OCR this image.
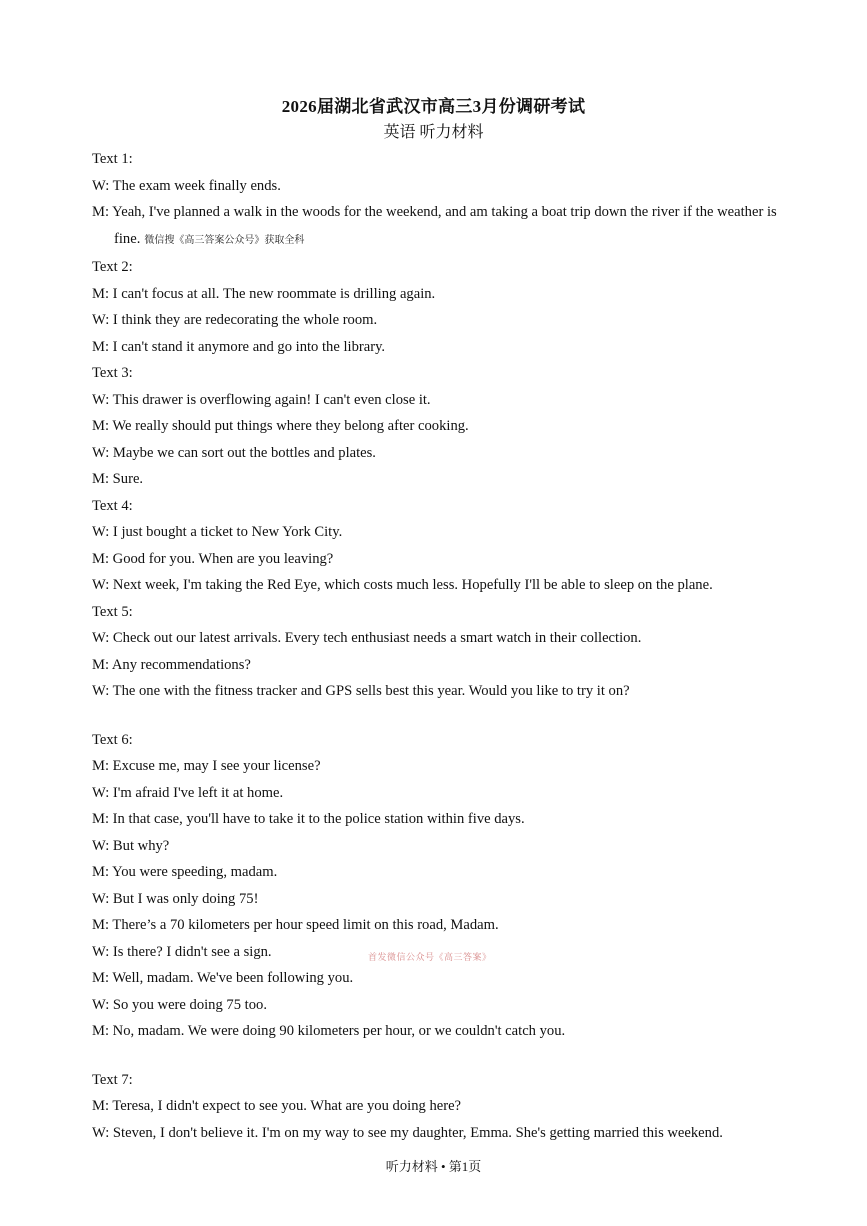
2026届湖北省武汉市高三3月份调研考试
英语 听力材料
Text 1:
W: The exam week finally ends.
M: Yeah, I've planned a walk in the woods for the weekend, and am taking a boat trip down the river if the weather is fine. 微信搜《高三答案公众号》获取全科
Text 2:
M: I can't focus at all. The new roommate is drilling again.
W: I think they are redecorating the whole room.
M: I can't stand it anymore and go into the library.
Text 3:
W: This drawer is overflowing again! I can't even close it.
M: We really should put things where they belong after cooking.
W: Maybe we can sort out the bottles and plates.
M: Sure.
Text 4:
W: I just bought a ticket to New York City.
M: Good for you. When are you leaving?
W: Next week, I'm taking the Red Eye, which costs much less. Hopefully I'll be able to sleep on the plane.
Text 5:
W: Check out our latest arrivals. Every tech enthusiast needs a smart watch in their collection.
M: Any recommendations?
W: The one with the fitness tracker and GPS sells best this year. Would you like to try it on?
Text 6:
M: Excuse me, may I see your license?
W: I'm afraid I've left it at home.
M: In that case, you'll have to take it to the police station within five days.
W: But why?
M: You were speeding, madam.
W: But I was only doing 75!
M: There’s a 70 kilometers per hour speed limit on this road, Madam.
W: Is there? I didn't see a sign.
M: Well, madam. We've been following you.
W: So you were doing 75 too.
M: No, madam. We were doing 90 kilometers per hour, or we couldn't catch you.
Text 7:
M: Teresa, I didn't expect to see you. What are you doing here?
W: Steven, I don't believe it. I'm on my way to see my daughter, Emma. She's getting married this weekend.
首发微信公众号《高三答案》
听力材料 • 第1页
